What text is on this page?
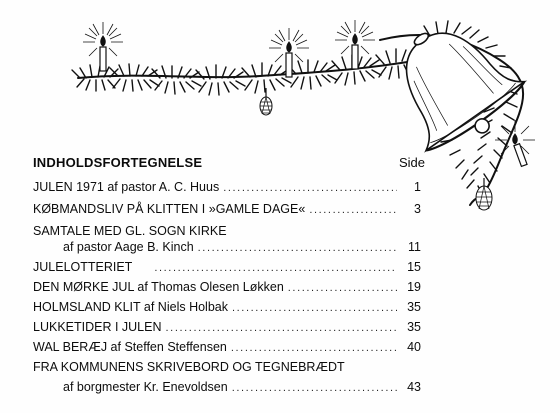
INDHOLDSFORTEGNELSE	Side
JULEN 1971 af pastor A. C. Huus .....	1
KØBMANDSLIV PÅ KLITTEN I »GAMLE DAGE« .....	3
SAMTALE MED GL. SOGN KIRKE
af pastor Aage B. Kinch .....	11
JULELOTTERIET .....	15
DEN MØRKE JUL af Thomas Olesen Løkken .....	19
HOLMSLAND KLIT af Niels Holbak .....	35
LUKKETIDER I JULEN .....	35
WAL BERÆJ af Steffen Steffensen .....	40
FRA KOMMUNENS SKRIVEBORD OG TEGNEBRÆDT
af borgmester Kr. Enevoldsen .....	43
